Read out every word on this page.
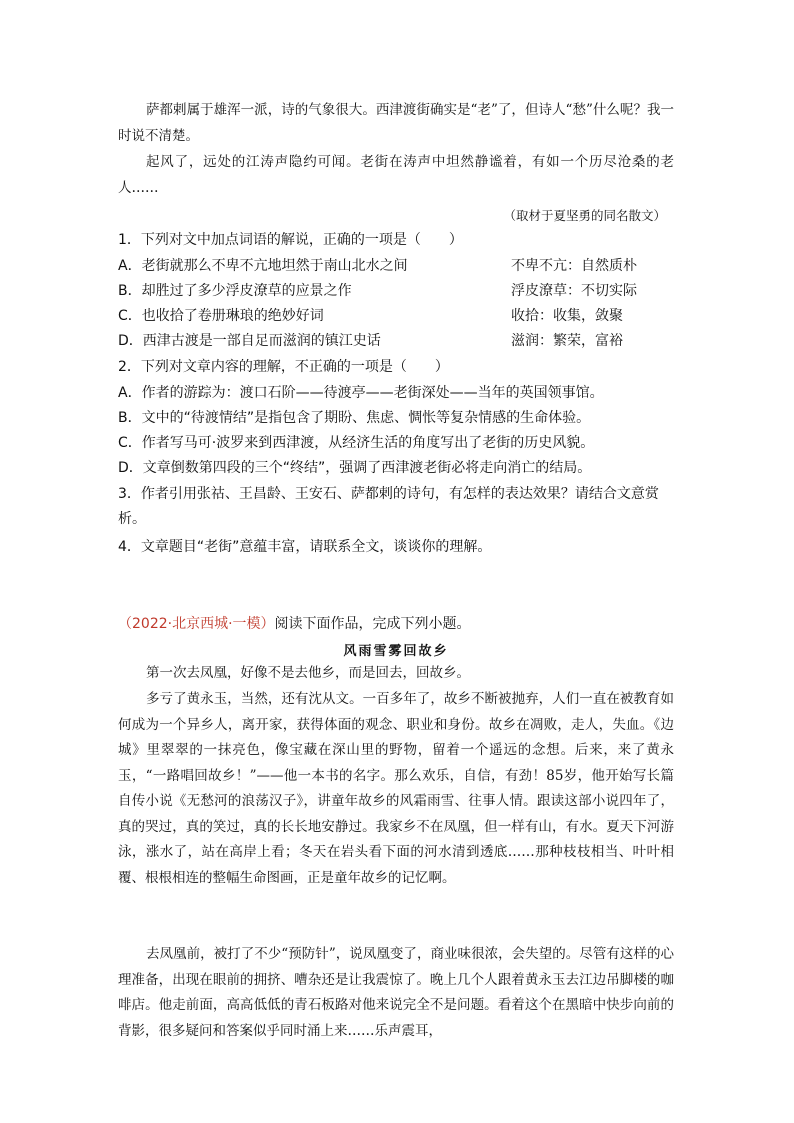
萨都剌属于雄浑一派，诗的气象很大。西津渡街确实是“老”了，但诗人“愁”什么呢？我一时说不清楚。

起风了，远处的江涛声隐约可闻。老街在涛声中坦然静谧着，有如一个历尽沧桑的老人……

（取材于夏坚勇的同名散文）
1．下列对文中加点词语的解说，正确的一项是（　　）
A．老街就那么不卑不亢地坦然于南山北水之间	不卑不亢：自然质朴
B．却胜过了多少浮皮潦草的应景之作	浮皮潦草：不切实际
C．也收拾了卷册琳琅的绝妙好词	收拾：收集，敛聚
D．西津古渡是一部自足而滋润的镇江史话	滋润：繁荣，富裕
2．下列对文章内容的理解，不正确的一项是（　　）
A．作者的游踪为：渡口石阶——待渡亭——老街深处——当年的英国领事馆。
B．文中的“待渡情结”是指包含了期盼、焦虑、惆怅等复杂情感的生命体验。
C．作者写马可·波罗来到西津渡，从经济生活的角度写出了老街的历史风貌。
D．文章倒数第四段的三个“终结”，强调了西津渡老街必将走向消亡的结局。
3．作者引用张祜、王昌龄、王安石、萨都剌的诗句，有怎样的表达效果？请结合文意赏析。
4．文章题目“老街”意蕴丰富，请联系全文，谈谈你的理解。
（2022·北京西城·一模）阅读下面作品，完成下列小题。
风雨雪雾回故乡

第一次去凤凰，好像不是去他乡，而是回去，回故乡。

多亏了黄永玉，当然，还有沈从文。一百多年了，故乡不断被抛弃，人们一直在被教育如何成为一个异乡人，离开家，获得体面的观念、职业和身份。故乡在凋败，走人，失血。《边城》里翠翠的一抹亮色，像宝藏在深山里的野物，留着一个遥远的念想。后来，来了黄永玉，“一路唱回故乡！”——他一本书的名字。那么欢乐，自信，有劲！85岁，他开始写长篇自传小说《无愁河的浪荡汉子》，讲童年故乡的风霜雨雪、往事人情。跟读这部小说四年了，真的哭过，真的笑过，真的长长地安静过。我家乡不在凤凰，但一样有山，有水。夏天下河游泳，涨水了，站在高岸上看；冬天在岩头看下面的河水清到透底……那种枝枝相当、叶叶相覆、根根相连的整幅生命图画，正是童年故乡的记忆啊。

去凤凰前，被打了不少“预防针”，说凤凰变了，商业味很浓，会失望的。尽管有这样的心理准备，出现在眼前的拥挤、嘈杂还是让我震惊了。晚上几个人跟着黄永玉去江边吊脚楼的咖啡店。他走前面，高高低低的青石板路对他来说完全不是问题。看着这个在黑暗中快步向前的背影，很多疑问和答案似乎同时涌上来……乐声震耳，
